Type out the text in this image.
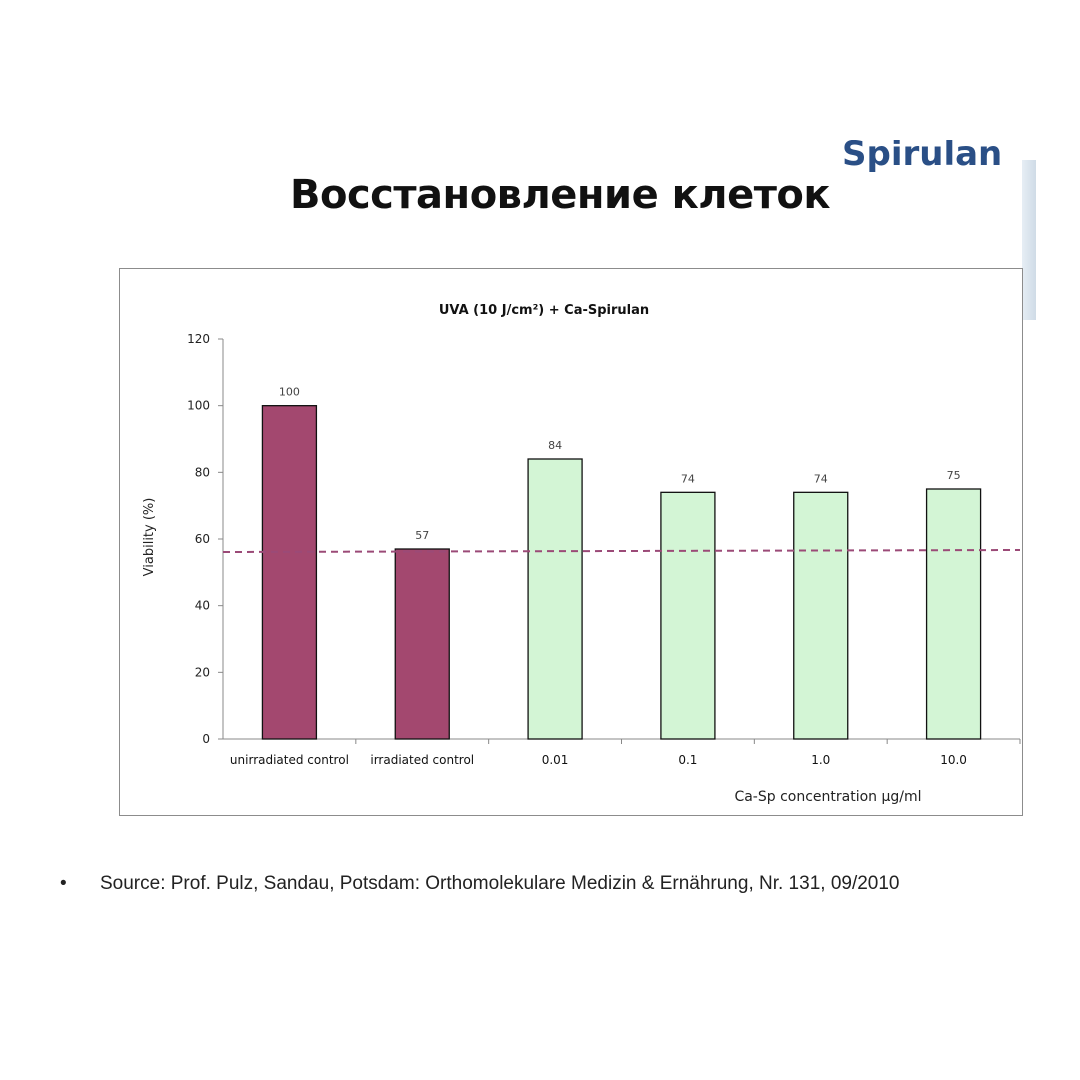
Spirulan
Восстановление клеток
UVA (10 J/cm²) + Ca-Spirulan
Viability (%)
Ca-Sp concentration µg/ml
0
20
40
60
80
100
120
100
unirradiated control
57
irradiated control
84
0.01
74
0.1
74
1.0
75
10.0
• Source: Prof. Pulz, Sandau, Potsdam: Orthomolekulare Medizin & Ernährung, Nr. 131, 09/2010
